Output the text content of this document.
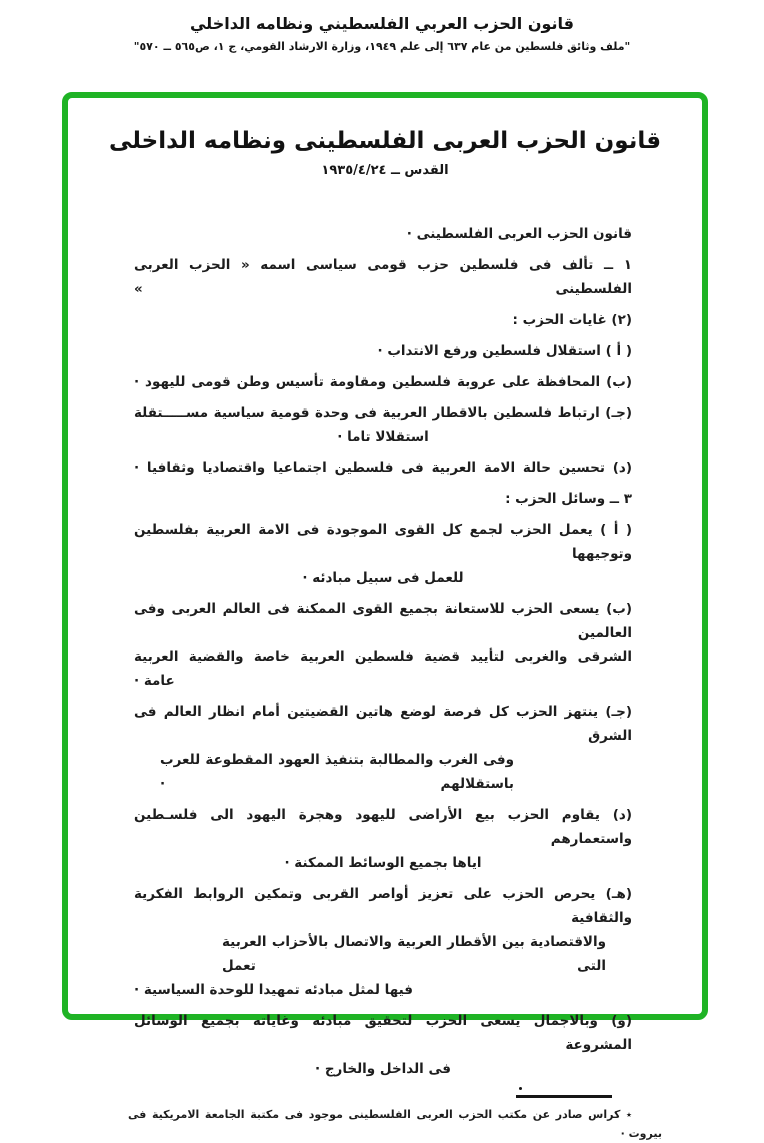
قانون الحزب العربي الفلسطيني ونظامه الداخلي
"ملف وثائق فلسطين من عام ٦٣٧ إلى علم ١٩٤٩، وزارة الارشاد القومي، ج ١، ص٥٦٥ ــ ٥٧٠"
قانون الحزب العربى الفلسطينى ونظامه الداخلى
القدس ــ ١٩٣٥/٤/٢٤
قانون الحزب العربى الفلسطينى ·
١ ــ تألف فى فلسطين حزب قومى سياسى اسمه « الحزب العربى الفلسطينى »
(٢) غايات الحزب :
( أ ) استقلال فلسطين ورفع الانتداب ·
(ب) المحافظة على عروبة فلسطين ومقاومة تأسيس وطن قومى لليهود ·
(جـ) ارتباط فلسطين بالاقطار العربية فى وحدة قومية سياسية مســـــتقلة
استقلالا تاما ·
(د) تحسين حالة الامة العربية فى فلسطين اجتماعيا واقتصاديا وثقافيا ·
٣ ــ وسائل الحزب :
( أ ) يعمل الحزب لجمع كل القوى الموجودة فى الامة العربية بفلسطين وتوجيهها
للعمل فى سبيل مبادئه ·
(ب) يسعى الحزب للاستعانة بجميع القوى الممكنة فى العالم العربى وفى العالمين
الشرقى والغربى لتأييد قضية فلسطين العربية خاصة والقضية العربية
عامة ·
(جـ) ينتهز الحزب كل فرصة لوضع هاتين القضيتين أمام انظار العالم فى الشرق
وفى الغرب والمطالبة بتنفيذ العهود المقطوعة للعرب باستقلالهم ·
(د) يقاوم الحزب بيع الأراضى لليهود وهجرة اليهود الى فلسـطين واستعمارهم
اياها بجميع الوسائط الممكنة ·
(هـ) يحرص الحزب على تعزيز أواصر القربى وتمكين الروابط الفكرية والثقافية
والاقتصادية بين الأقطار العربية والاتصال بالأحزاب العربية التى تعمل
فيها لمثل مبادئه تمهيدا للوحدة السياسية ·
(و) وبالاجمال يسعى الحزب لتحقيق مبادئه وغاياته بجميع الوسائل المشروعة
فى الداخل والخارج ·
٭ كراس صادر عن مكتب الحزب العربى الفلسطينى موجود فى مكتبة الجامعة الامريكية فى
بيروت ·
